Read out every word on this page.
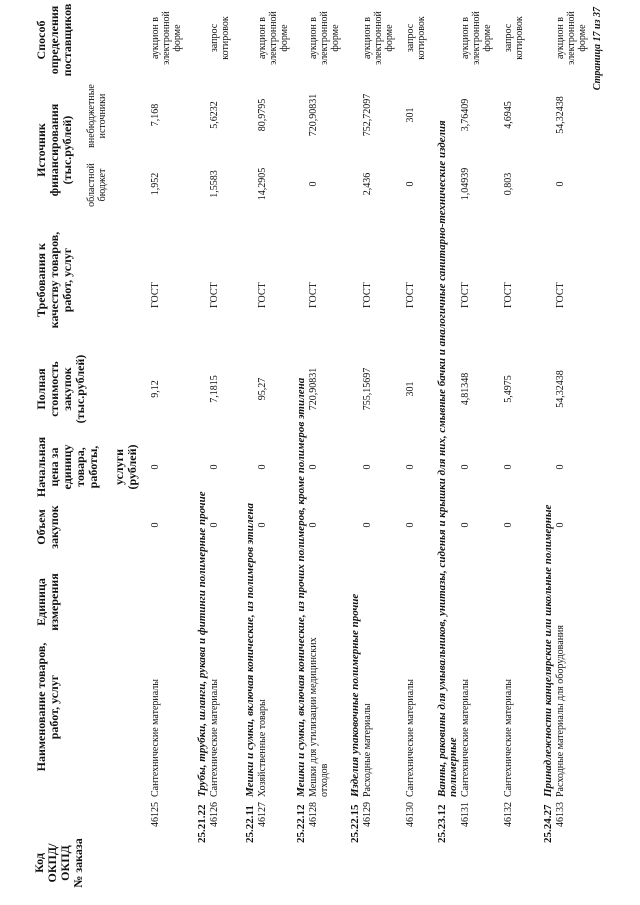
Код
ОКПД/
ОКПД
№ заказа
Наименование товаров,
работ, услуг
Единица
измерения
Объем
закупок
Начальная
цена за
единицу
товара,
работы,

услуги
(рублей)
Полная
стоимость
закупок
(тыс.рублей)
Требования к
качеству товаров,
работ, услуг
Источник
финансирования
(тыс.рублей)
областной
бюджет
внебюджетные
источники
Способ
определения
поставщиков
46
125
Сантехнические материалы
0
0
9,12
ГОСТ
1,952
7,168
аукцион в
электронной
форме
25.21.22
Трубы, трубки, шланги, рукава и фитинги полимерные прочие
46
126
Сантехнические материалы
0
0
7,1815
ГОСТ
1,5583
5,6232
запрос
котировок
25.22.11
Мешки и сумки, включая конические, из полимеров этилена
46
127
Хозяйственные товары
0
0
95,27
ГОСТ
14,2905
80,9795
аукцион в
электронной
форме
25.22.12
Мешки и сумки, включая конические, из прочих полимеров, кроме полимеров этилена
46
128
Мешки для утилизации медицинских
отходов
0
0
720,90831
ГОСТ
0
720,90831
аукцион в
электронной
форме
25.22.15
Изделия упаковочные полимерные прочие
46
129
Расходные материалы
0
0
755,15697
ГОСТ
2,436
752,72097
аукцион в
электронной
форме
46
130
Сантехнические материалы
0
0
301
ГОСТ
0
301
запрос
котировок
25.23.12
Ванны, раковины для умывальников, унитазы, сиденья и крышки для них, смывные бачки и аналогичные санитарно-технические изделия
полимерные
46
131
Сантехнические материалы
0
0
4,81348
ГОСТ
1,04939
3,76409
аукцион в
электронной
форме
46
132
Сантехнические материалы
0
0
5,4975
ГОСТ
0,803
4,6945
запрос
котировок
25.24.27
Принадлежности канцелярские или школьные полимерные
46
133
Расходные материалы для оборудования
0
0
54,32438
ГОСТ
0
54,32438
аукцион в
электронной
форме Страница 17 из 37
